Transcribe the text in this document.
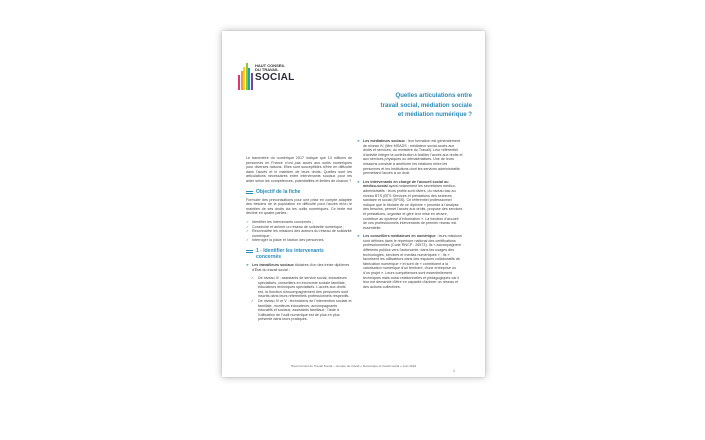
HAUT CONSEIL
DU TRAVAIL
SOCIAL
Quelles articulations entre
travail social, médiation sociale
et médiation numérique ?

Le baromètre du numérique 2017 indique que 13 millions de personnes en France n'ont pas accès aux outils numériques pour diverses raisons. Elles sont susceptibles d'être en difficulté dans l'accès et le maintien de leurs droits. Quelles sont les articulations nécessaires entre intervenants sociaux pour les aider selon les compétences, potentialités et limites de chacun ?

Objectif de la fiche

Formuler des préconisations pour une prise en compte adaptée des besoins de la population en difficulté pour l'accès et/ou le maintien de ses droits via les outils numériques. Ce texte est décliné en quatre parties :

✓ Identifier les intervenants concernés ;
✓ Construire et animer un réseau de solidarité numérique ;
✓ Reconnaître les missions des acteurs du réseau de solidarité numérique ;
✓ Interroger la place et l'action des personnes.
1 - Identifier les intervenants
concernés
➤ Les travailleurs sociaux titulaires d'un des treize diplômes d'État du travail social :
✓ De niveau III : assistants de service social, éducateurs spécialisés, conseillers en économie sociale familiale, éducateurs techniques spécialisés. L'accès aux droits est, la fonction d'accompagnement des personnes sont inscrits dans leurs référentiels professionnels respectifs.
✓ De niveau IV et V : techniciens de l'intervention sociale et familiale, moniteurs éducateurs, accompagnants éducatifs et sociaux, assistants familiaux ; l'aide à l'utilisation de l'outil numérique est de plus en plus présente dans leurs pratiques.
➤ Les médiateurs sociaux : leur formation est généralement de niveau IV, (titre MSADS : médiateur social accès aux droits et services, du ministère du Travail). Leur référentiel d'activité intègre la contribution à faciliter l'accès aux droits et aux services physiques ou dématérialisés. Une de leurs missions consiste à améliorer les relations entre les personnes et les institutions dont les services administratifs permettant l'accès à un droit.
➤ Les intervenants en charge de l'accueil social ou médico-social ayant notamment les secrétaires médico-administratifs : leurs profils sont divers, du niveau bac au niveau BTS (BTS Services et prestations des secteurs sanitaire et social (SP3S). Ce référentiel professionnel indique que le titulaire de ce diplôme « procède à l'analyse des besoins, permet l'accès aux droits, propose des services et prestations, organise et gère leur mise en œuvre, contribue au système d'information ». La fonction d'accueil de ces professionnels intervenants de premier niveau est essentielle.
➤ Les conseillers médiateurs en numérique : leurs missions sont définies dans le répertoire national des certifications professionnelles (Code RNCP : 26573). Ils « accompagnent différents publics vers l'autonomie, dans les usages des technologies, services et médias numériques » ; Ils « favorisent les utilisateurs dans des espaces collaboratifs de fabrication numérique » et sont de « contribuent à la valorisation numérique d'un territoire, d'une entreprise ou d'un projet ». Leurs compétences sont essentiellement techniques mais aussi relationnelles et pédagogiques car il leur est demandé d'être en capacité d'animer un réseau et des actions collectives.
Haut Conseil du Travail Social – Groupe de travail « Numérique et travail social » Juin 2019
1
